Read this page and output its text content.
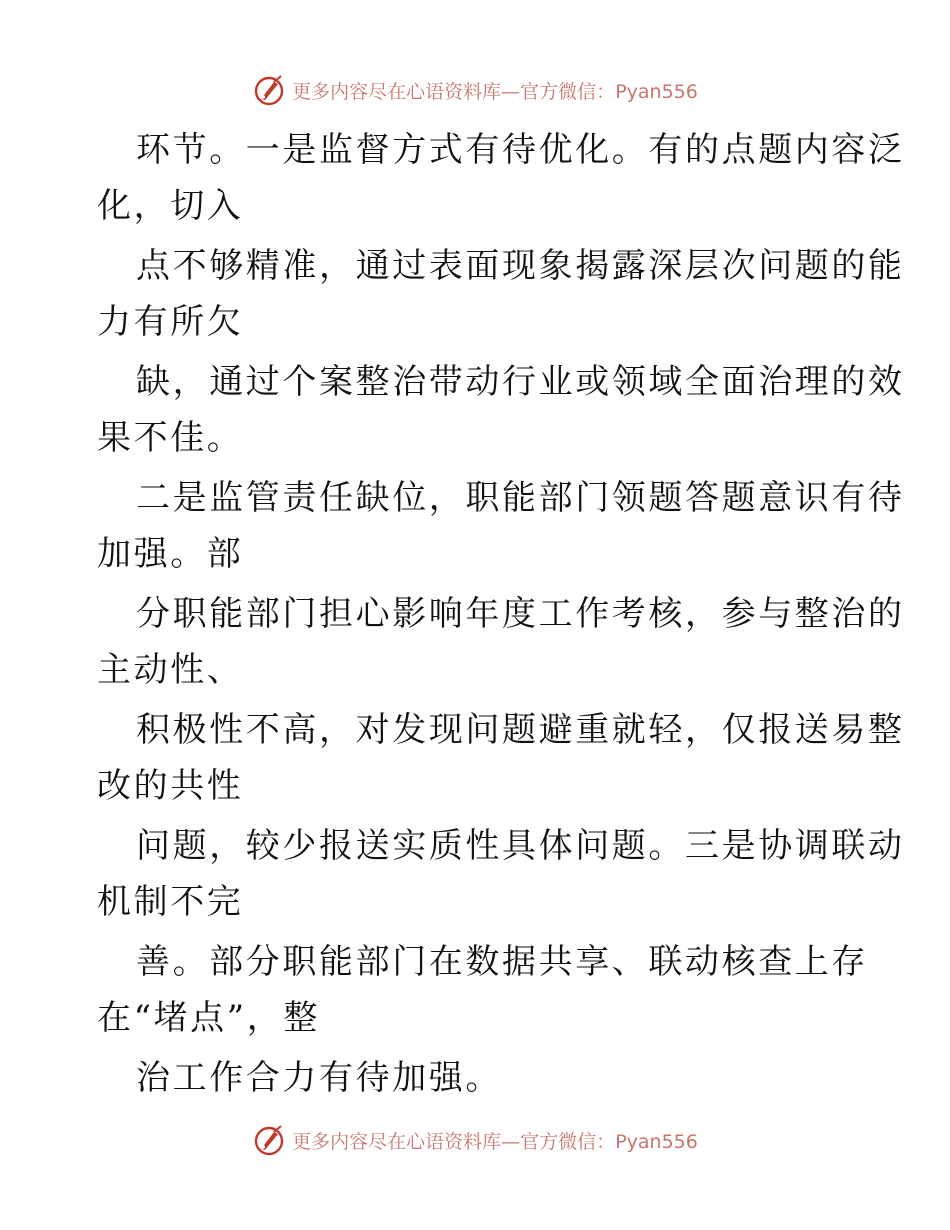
更多内容尽在心语资料库—官方微信：Pyan556
环节。一是监督方式有待优化。有的点题内容泛
化，切入
点不够精准，通过表面现象揭露深层次问题的能
力有所欠
缺，通过个案整治带动行业或领域全面治理的效
果不佳。
二是监管责任缺位，职能部门领题答题意识有待
加强。部
分职能部门担心影响年度工作考核，参与整治的
主动性、
积极性不高，对发现问题避重就轻，仅报送易整
改的共性
问题，较少报送实质性具体问题。三是协调联动
机制不完
善。部分职能部门在数据共享、联动核查上存
在“堵点”，整
治工作合力有待加强。
更多内容尽在心语资料库—官方微信：Pyan556
